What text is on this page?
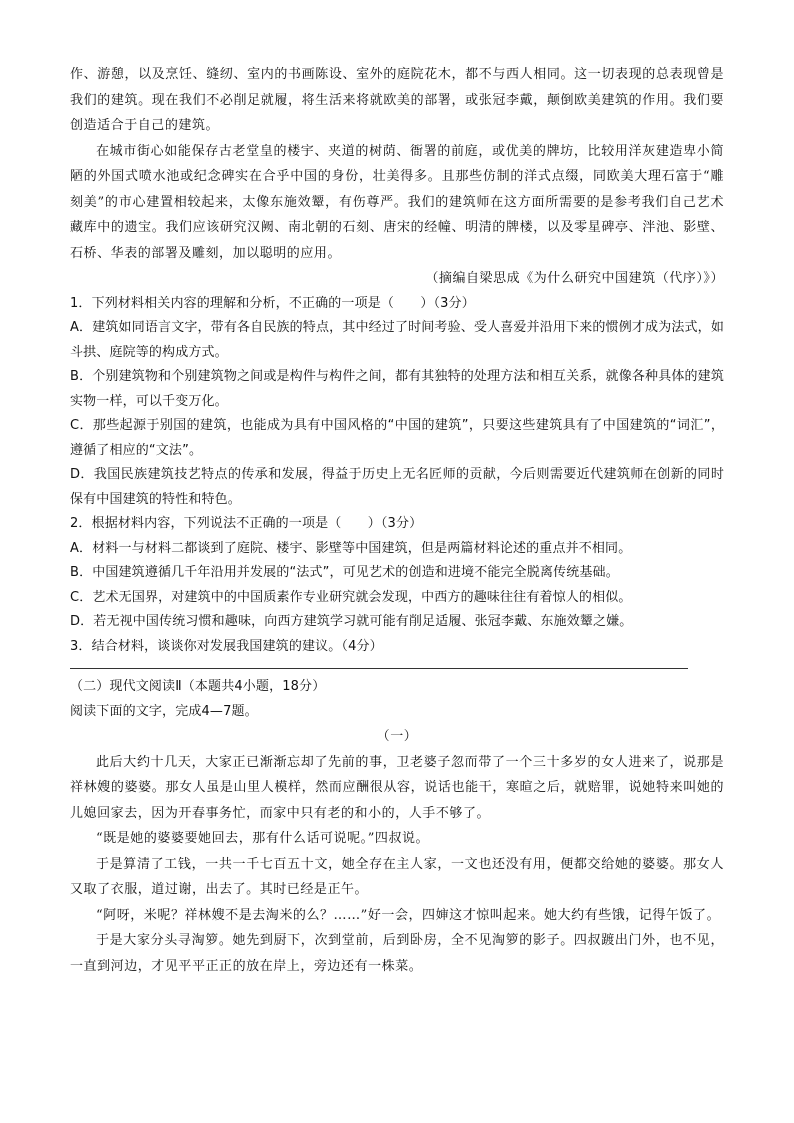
作、游憩，以及烹饪、缝纫、室内的书画陈设、室外的庭院花木，都不与西人相同。这一切表现的总表现曾是我们的建筑。现在我们不必削足就履，将生活来将就欧美的部署，或张冠李戴，颠倒欧美建筑的作用。我们要创造适合于自己的建筑。

在城市街心如能保存古老堂皇的楼宇、夹道的树荫、衙署的前庭，或优美的牌坊，比较用洋灰建造卑小简陋的外国式喷水池或纪念碑实在合乎中国的身份，壮美得多。且那些仿制的洋式点缀，同欧美大理石富于“雕刻美”的市心建置相较起来，太像东施效颦，有伤尊严。我们的建筑师在这方面所需要的是参考我们自己艺术藏库中的遗宝。我们应该研究汉阙、南北朝的石刻、唐宋的经幢、明清的牌楼，以及零星碑亭、泮池、影壁、石桥、华表的部署及雕刻，加以聪明的应用。

（摘编自梁思成《为什么研究中国建筑（代序）》）

1．下列材料相关内容的理解和分析，不正确的一项是（　　）（3分）

A．建筑如同语言文字，带有各自民族的特点，其中经过了时间考验、受人喜爱并沿用下来的惯例才成为法式，如斗拱、庭院等的构成方式。

B．个别建筑物和个别建筑物之间或是构件与构件之间，都有其独特的处理方法和相互关系，就像各种具体的建筑实物一样，可以千变万化。

C．那些起源于别国的建筑，也能成为具有中国风格的“中国的建筑”，只要这些建筑具有了中国建筑的“词汇”，遵循了相应的“文法”。

D．我国民族建筑技艺特点的传承和发展，得益于历史上无名匠师的贡献，今后则需要近代建筑师在创新的同时保有中国建筑的特性和特色。

2．根据材料内容，下列说法不正确的一项是（　　）（3分）

A．材料一与材料二都谈到了庭院、楼宇、影壁等中国建筑，但是两篇材料论述的重点并不相同。

B．中国建筑遵循几千年沿用并发展的“法式”，可见艺术的创造和进境不能完全脱离传统基础。

C．艺术无国界，对建筑中的中国质素作专业研究就会发现，中西方的趣味往往有着惊人的相似。

D．若无视中国传统习惯和趣味，向西方建筑学习就可能有削足适履、张冠李戴、东施效颦之嫌。

3．结合材料，谈谈你对发展我国建筑的建议。（4分）

（二）现代文阅读Ⅱ（本题共4小题，18分）

阅读下面的文字，完成4—7题。

（一）

此后大约十几天，大家正已渐渐忘却了先前的事，卫老婆子忽而带了一个三十多岁的女人进来了，说那是祥林嫂的婆婆。那女人虽是山里人模样，然而应酬很从容，说话也能干，寒暄之后，就赔罪，说她特来叫她的儿媳回家去，因为开春事务忙，而家中只有老的和小的，人手不够了。

“既是她的婆婆要她回去，那有什么话可说呢。”四叔说。

于是算清了工钱，一共一千七百五十文，她全存在主人家，一文也还没有用，便都交给她的婆婆。那女人又取了衣服，道过谢，出去了。其时已经是正午。

“阿呀，米呢？祥林嫂不是去淘米的么？……”好一会，四婶这才惊叫起来。她大约有些饿，记得午饭了。

于是大家分头寻淘箩。她先到厨下，次到堂前，后到卧房，全不见淘箩的影子。四叔踱出门外，也不见，一直到河边，才见平平正正的放在岸上，旁边还有一株菜。
